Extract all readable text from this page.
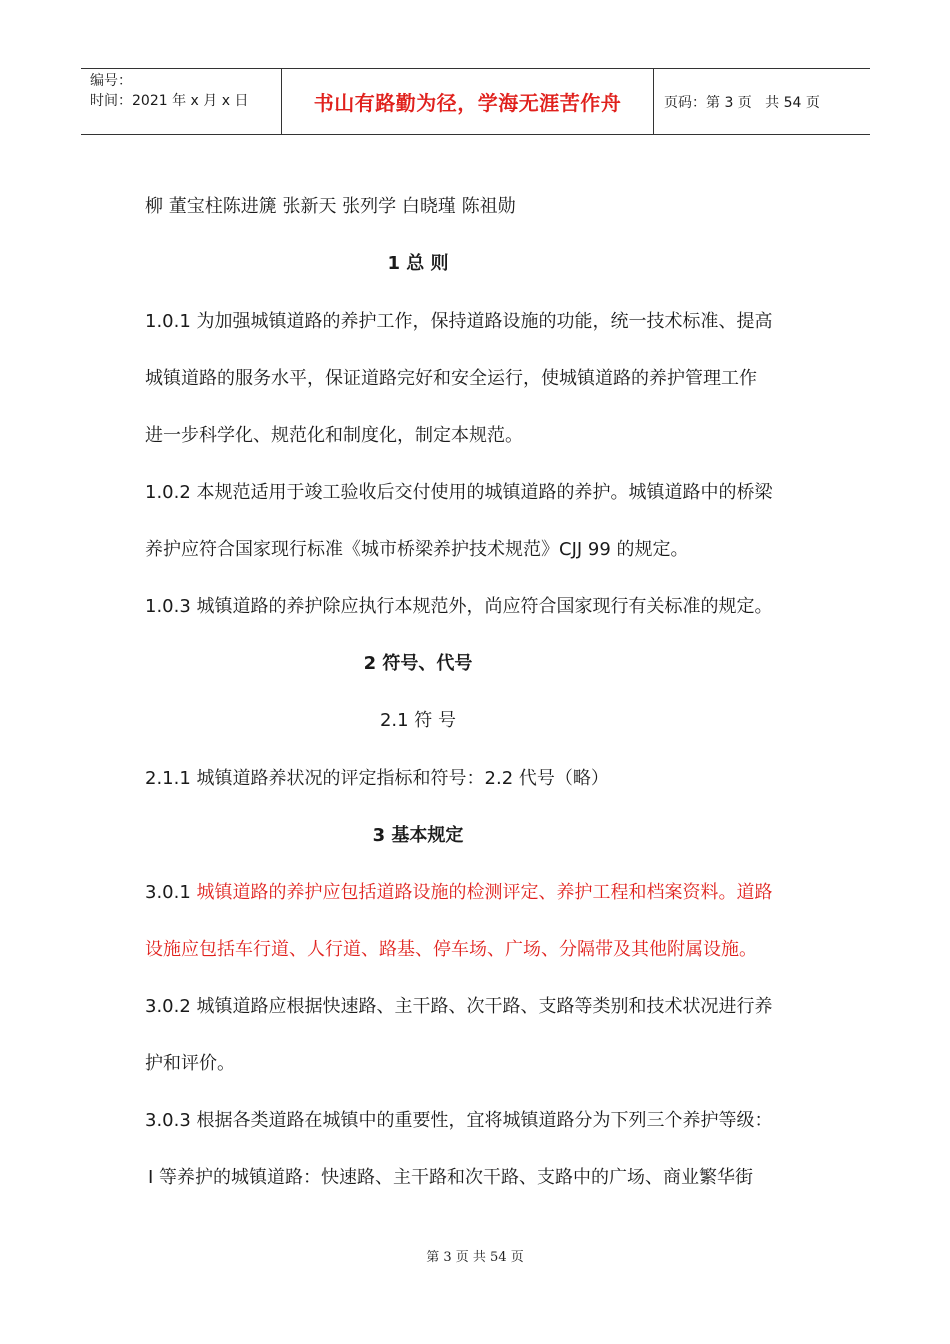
编号：
时间：2021 年 x 月 x 日	书山有路勤为径，学海无涯苦作舟	页码：第 3 页   共 54 页
柳 董宝柱陈进篪 张新天 张列学 白晓瑾 陈祖勋
1 总 则
1.0.1 为加强城镇道路的养护工作，保持道路设施的功能，统一技术标准、提高
城镇道路的服务水平，保证道路完好和安全运行，使城镇道路的养护管理工作
进一步科学化、规范化和制度化，制定本规范。
1.0.2 本规范适用于竣工验收后交付使用的城镇道路的养护。城镇道路中的桥梁
养护应符合国家现行标准《城市桥梁养护技术规范》CJJ 99 的规定。
1.0.3 城镇道路的养护除应执行本规范外，尚应符合国家现行有关标准的规定。
2 符号、代号
2.1 符 号
2.1.1 城镇道路养状况的评定指标和符号：2.2 代号（略）
3 基本规定
3.0.1 城镇道路的养护应包括道路设施的检测评定、养护工程和档案资料。道路
设施应包括车行道、人行道、路基、停车场、广场、分隔带及其他附属设施。
3.0.2 城镇道路应根据快速路、主干路、次干路、支路等类别和技术状况进行养
护和评价。
3.0.3 根据各类道路在城镇中的重要性，宜将城镇道路分为下列三个养护等级：
Ⅰ 等养护的城镇道路：快速路、主干路和次干路、支路中的广场、商业繁华街
第 3 页 共 54 页
